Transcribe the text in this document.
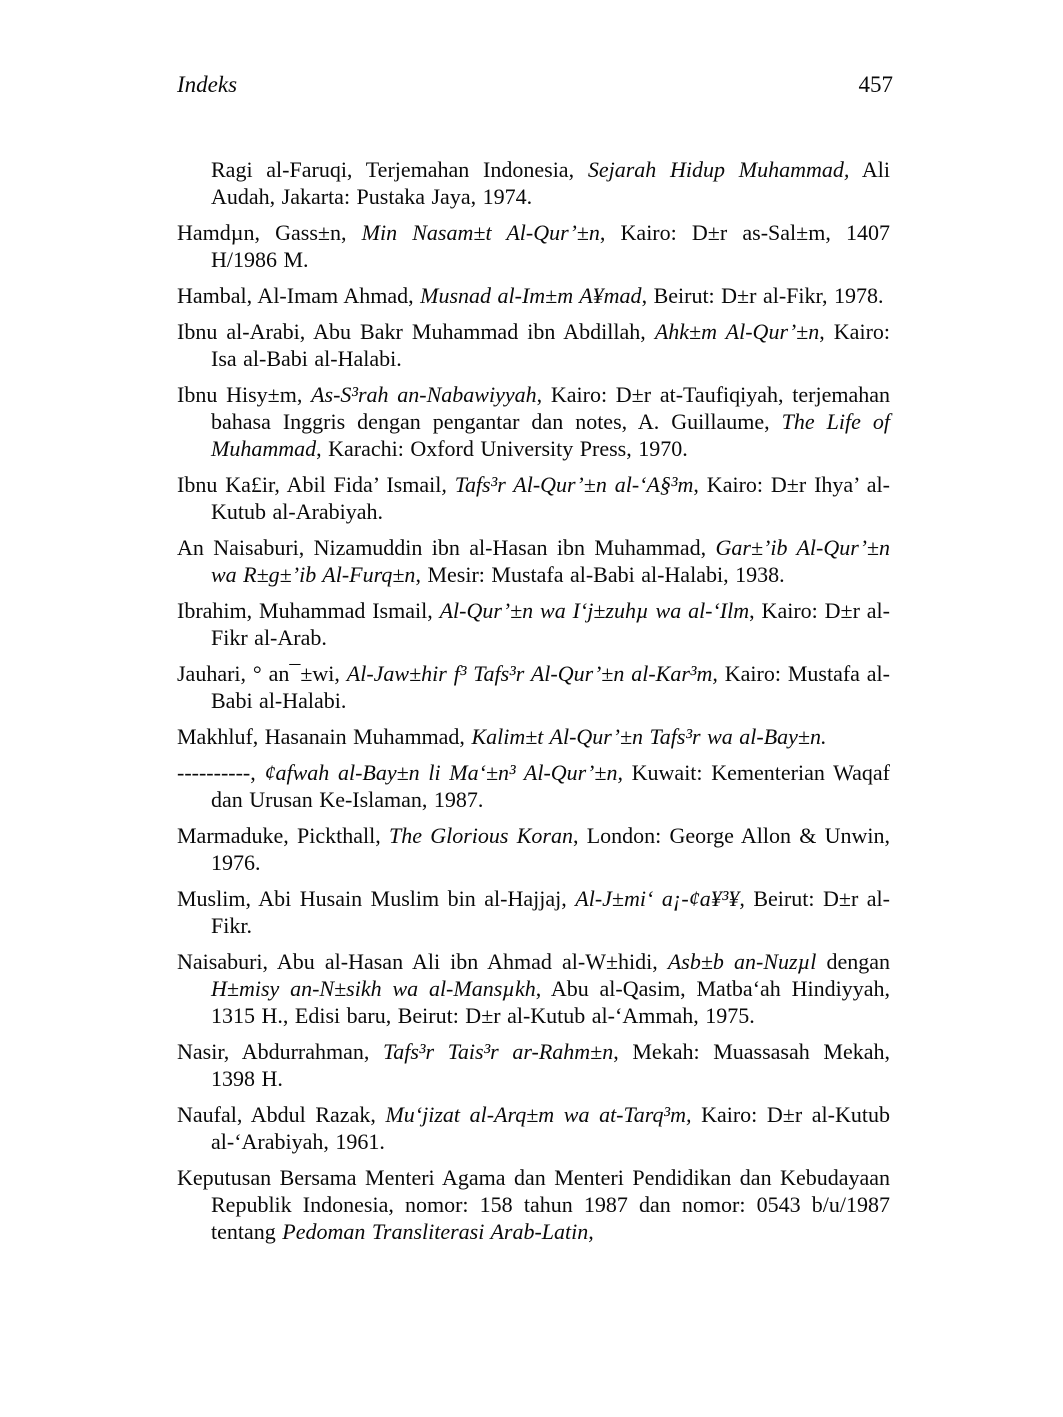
Indeks	457

Ragi al-Faruqi, Terjemahan Indonesia, Sejarah Hidup Muhammad, Ali Audah, Jakarta: Pustaka Jaya, 1974.

Hamdµn, Gass±n, Min Nasam±t Al-Qur’±n, Kairo: D±r as-Sal±m, 1407 H/1986 M.

Hambal, Al-Imam Ahmad, Musnad al-Im±m A¥mad, Beirut: D±r al-Fikr, 1978.

Ibnu al-Arabi, Abu Bakr Muhammad ibn Abdillah, Ahk±m Al-Qur’±n, Kairo: Isa al-Babi al-Halabi.

Ibnu Hisy±m, As-S³rah an-Nabawiyyah, Kairo: D±r at-Taufiqiyah, terjemahan bahasa Inggris dengan pengantar dan notes, A. Guillaume, The Life of Muhammad, Karachi: Oxford University Press, 1970.

Ibnu Ka£ir, Abil Fida’ Ismail, Tafs³r Al-Qur’±n al-‘A§³m, Kairo: D±r Ihya’ al-Kutub al-Arabiyah.

An Naisaburi, Nizamuddin ibn al-Hasan ibn Muhammad, Gar±’ib Al-Qur’±n wa R±g±’ib Al-Furq±n, Mesir: Mustafa al-Babi al-Halabi, 1938.

Ibrahim, Muhammad Ismail, Al-Qur’±n wa I‘j±zuhµ wa al-‘Ilm, Kairo: D±r al-Fikr al-Arab.

Jauhari, ° an¯±wi, Al-Jaw±hir f³ Tafs³r Al-Qur’±n al-Kar³m, Kairo: Mustafa al-Babi al-Halabi.

Makhluf, Hasanain Muhammad, Kalim±t Al-Qur’±n Tafs³r wa al-Bay±n.

----------, ¢afwah al-Bay±n li Ma‘±n³ Al-Qur’±n, Kuwait: Kementerian Waqaf dan Urusan Ke-Islaman, 1987.

Marmaduke, Pickthall, The Glorious Koran, London: George Allon & Unwin, 1976.

Muslim, Abi Husain Muslim bin al-Hajjaj, Al-J±mi‘ a¡-¢a¥³¥, Beirut: D±r al-Fikr.

Naisaburi, Abu al-Hasan Ali ibn Ahmad al-W±hidi, Asb±b an-Nuzµl dengan H±misy an-N±sikh wa al-Mansµkh, Abu al-Qasim, Matba‘ah Hindiyyah, 1315 H., Edisi baru, Beirut: D±r al-Kutub al-‘Ammah, 1975.

Nasir, Abdurrahman, Tafs³r Tais³r ar-Rahm±n, Mekah: Muassasah Mekah, 1398 H.

Naufal, Abdul Razak, Mu‘jizat al-Arq±m wa at-Tarq³m, Kairo: D±r al-Kutub al-‘Arabiyah, 1961.

Keputusan Bersama Menteri Agama dan Menteri Pendidikan dan Kebudayaan Republik Indonesia, nomor: 158 tahun 1987 dan nomor: 0543 b/u/1987 tentang Pedoman Transliterasi Arab-Latin,
